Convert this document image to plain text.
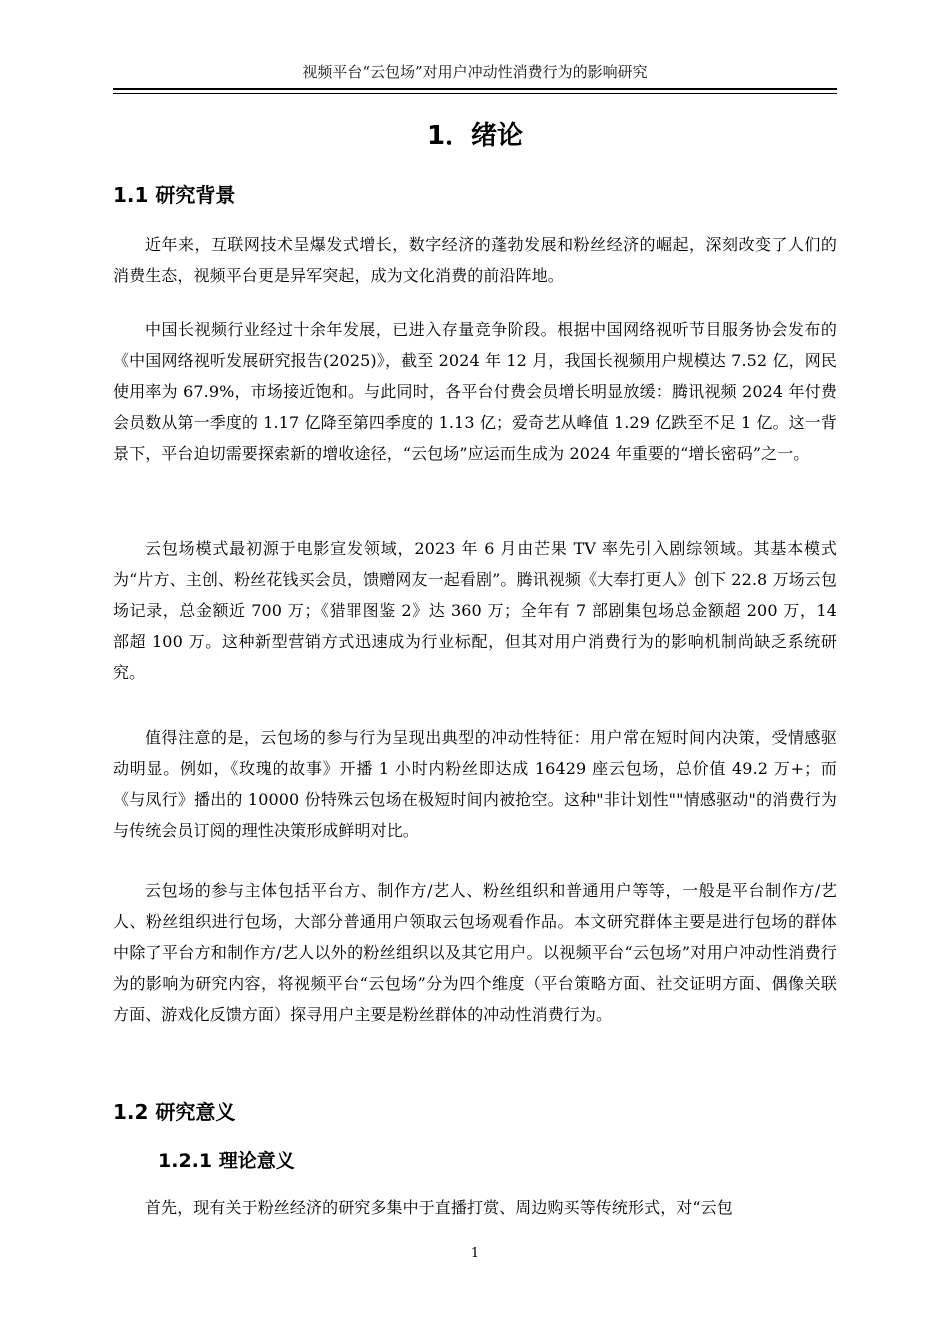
视频平台“云包场”对用户冲动性消费行为的影响研究
1．绪论
1.1 研究背景

近年来，互联网技术呈爆发式增长，数字经济的蓬勃发展和粉丝经济的崛起，深刻改变了人们的消费生态，视频平台更是异军突起，成为文化消费的前沿阵地。

中国长视频行业经过十余年发展，已进入存量竞争阶段。根据中国网络视听节目服务协会发布的《中国网络视听发展研究报告(2025)》，截至 2024 年 12 月，我国长视频用户规模达 7.52 亿，网民使用率为 67.9%，市场接近饱和。与此同时，各平台付费会员增长明显放缓：腾讯视频 2024 年付费会员数从第一季度的 1.17 亿降至第四季度的 1.13 亿；爱奇艺从峰值 1.29 亿跌至不足 1 亿。这一背景下，平台迫切需要探索新的增收途径，“云包场”应运而生成为 2024 年重要的“增长密码”之一。

云包场模式最初源于电影宣发领域，2023 年 6 月由芒果 TV 率先引入剧综领域。其基本模式为“片方、主创、粉丝花钱买会员，馈赠网友一起看剧”。腾讯视频《大奉打更人》创下 22.8 万场云包场记录，总金额近 700 万；《猎罪图鉴 2》达 360 万；全年有 7 部剧集包场总金额超 200 万，14 部超 100 万。这种新型营销方式迅速成为行业标配，但其对用户消费行为的影响机制尚缺乏系统研究。

值得注意的是，云包场的参与行为呈现出典型的冲动性特征：用户常在短时间内决策，受情感驱动明显。例如，《玫瑰的故事》开播 1 小时内粉丝即达成 16429 座云包场，总价值 49.2 万+；而《与凤行》播出的 10000 份特殊云包场在极短时间内被抢空。这种"非计划性""情感驱动"的消费行为与传统会员订阅的理性决策形成鲜明对比。

云包场的参与主体包括平台方、制作方/艺人、粉丝组织和普通用户等等，一般是平台制作方/艺人、粉丝组织进行包场，大部分普通用户领取云包场观看作品。本文研究群体主要是进行包场的群体中除了平台方和制作方/艺人以外的粉丝组织以及其它用户。以视频平台“云包场”对用户冲动性消费行为的影响为研究内容，将视频平台“云包场”分为四个维度（平台策略方面、社交证明方面、偶像关联方面、游戏化反馈方面）探寻用户主要是粉丝群体的冲动性消费行为。

1.2 研究意义
1.2.1 理论意义

首先，现有关于粉丝经济的研究多集中于直播打赏、周边购买等传统形式，对“云包

1
